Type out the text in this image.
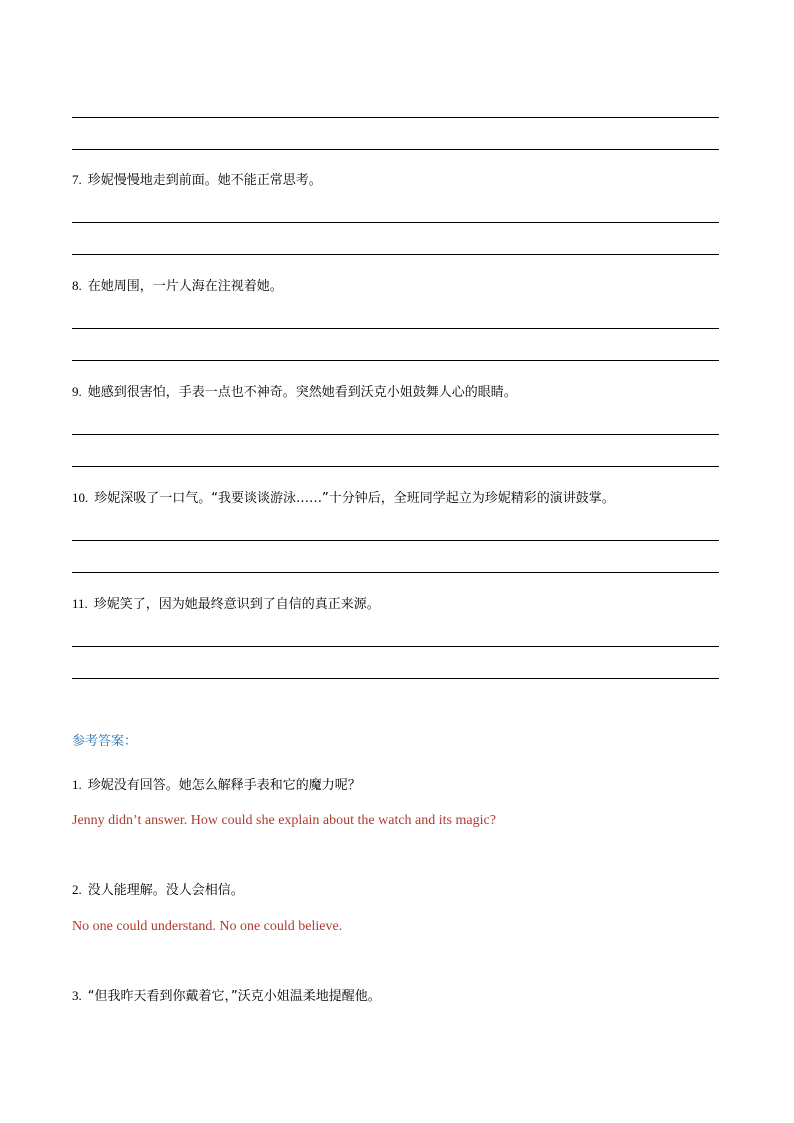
7. 珍妮慢慢地走到前面。她不能正常思考。
8. 在她周围，一片人海在注视着她。
9. 她感到很害怕，手表一点也不神奇。突然她看到沃克小姐鼓舞人心的眼睛。
10. 珍妮深吸了一口气。“我要谈谈游泳……”十分钟后，全班同学起立为珍妮精彩的演讲鼓掌。
11. 珍妮笑了，因为她最终意识到了自信的真正来源。
参考答案：
1. 珍妮没有回答。她怎么解释手表和它的魔力呢？
Jenny didn’t answer. How could she explain about the watch and its magic?
2. 没人能理解。没人会相信。
No one could understand. No one could believe.
3. “但我昨天看到你戴着它，”沃克小姐温柔地提醒他。
